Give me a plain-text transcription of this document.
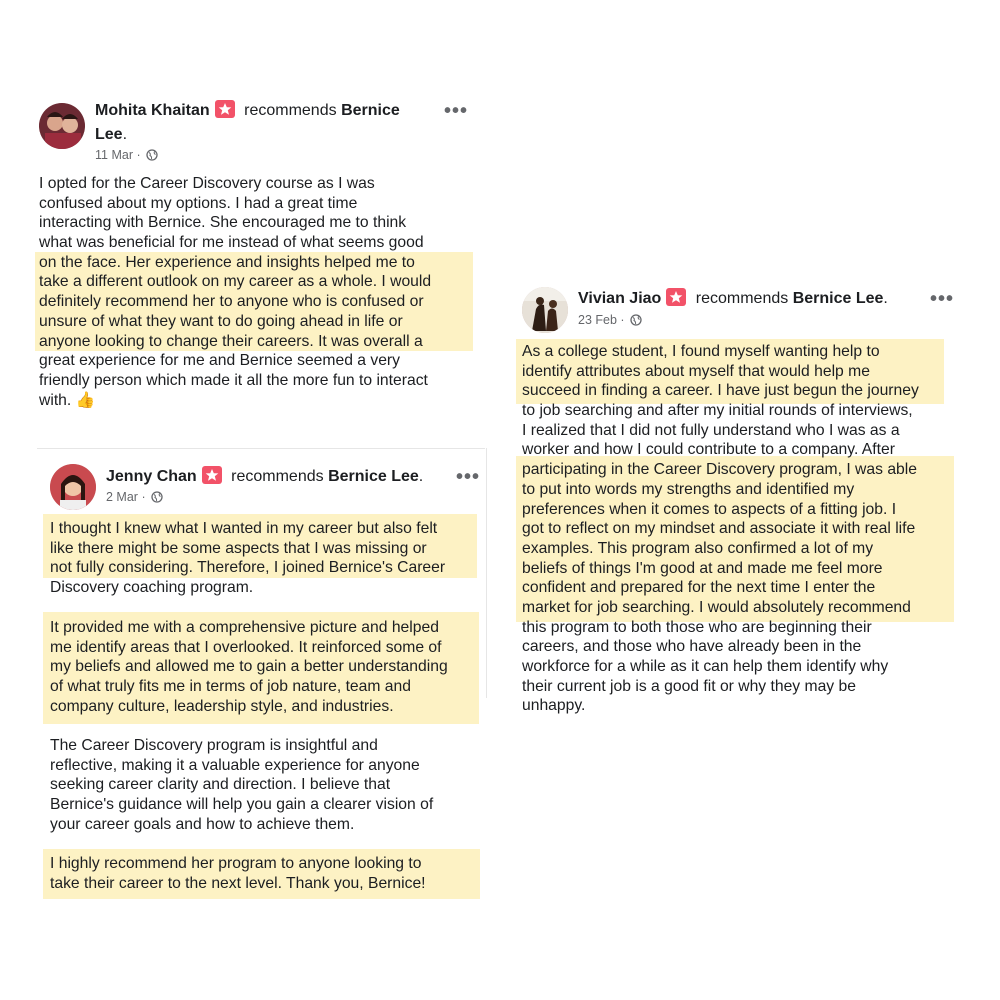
Mohita Khaitan recommends Bernice
Lee.
11 Mar ·
•••
I opted for the Career Discovery course as I was
confused about my options. I had a great time
interacting with Bernice. She encouraged me to think
what was beneficial for me instead of what seems good
on the face. Her experience and insights helped me to
take a different outlook on my career as a whole. I would
definitely recommend her to anyone who is confused or
unsure of what they want to do going ahead in life or
anyone looking to change their careers. It was overall a
great experience for me and Bernice seemed a very
friendly person which made it all the more fun to interact
with. 👍
Jenny Chan recommends Bernice Lee.
2 Mar ·
•••
I thought I knew what I wanted in my career but also felt
like there might be some aspects that I was missing or
not fully considering. Therefore, I joined Bernice's Career
Discovery coaching program.
It provided me with a comprehensive picture and helped
me identify areas that I overlooked. It reinforced some of
my beliefs and allowed me to gain a better understanding
of what truly fits me in terms of job nature, team and
company culture, leadership style, and industries.
The Career Discovery program is insightful and
reflective, making it a valuable experience for anyone
seeking career clarity and direction. I believe that
Bernice's guidance will help you gain a clearer vision of
your career goals and how to achieve them.
I highly recommend her program to anyone looking to
take their career to the next level. Thank you, Bernice!
Vivian Jiao recommends Bernice Lee.
23 Feb ·
•••
As a college student, I found myself wanting help to
identify attributes about myself that would help me
succeed in finding a career. I have just begun the journey
to job searching and after my initial rounds of interviews,
I realized that I did not fully understand who I was as a
worker and how I could contribute to a company. After
participating in the Career Discovery program, I was able
to put into words my strengths and identified my
preferences when it comes to aspects of a fitting job. I
got to reflect on my mindset and associate it with real life
examples. This program also confirmed a lot of my
beliefs of things I'm good at and made me feel more
confident and prepared for the next time I enter the
market for job searching. I would absolutely recommend
this program to both those who are beginning their
careers, and those who have already been in the
workforce for a while as it can help them identify why
their current job is a good fit or why they may be
unhappy.
